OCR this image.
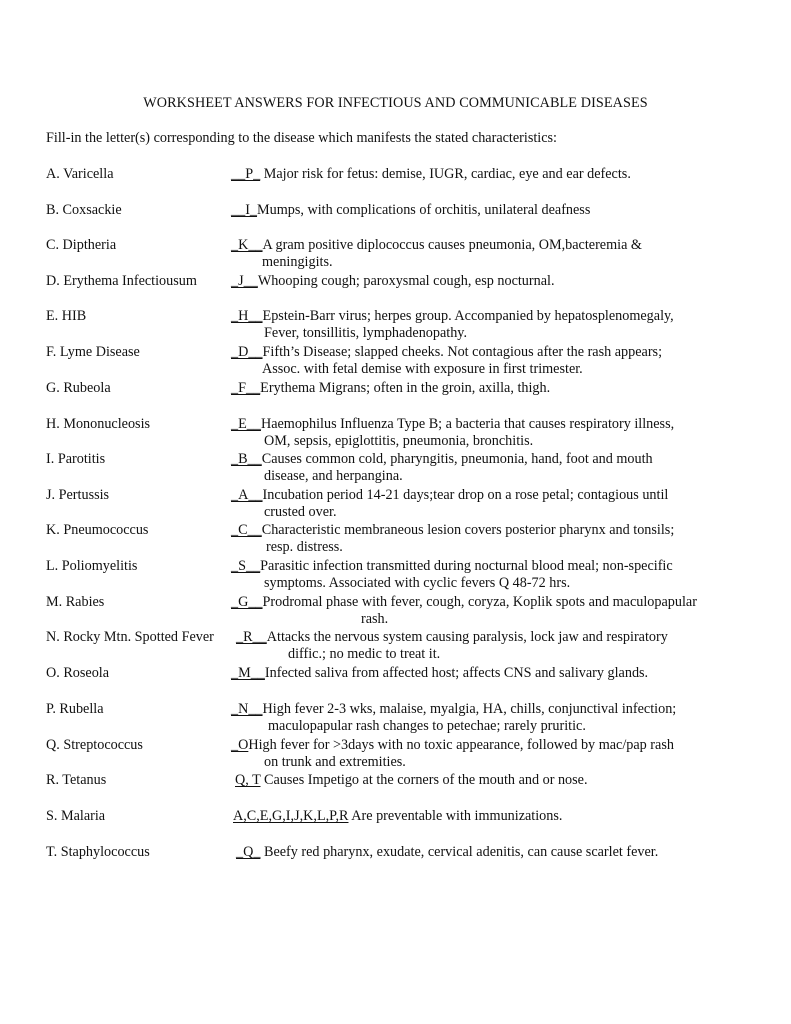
WORKSHEET ANSWERS FOR INFECTIOUS AND COMMUNICABLE DISEASES
Fill-in the letter(s) corresponding to the disease which manifests the stated characteristics:
A. Varicella	__P_ Major risk for fetus: demise, IUGR, cardiac, eye and ear defects.
B. Coxsackie	__I_Mumps, with complications of orchitis, unilateral deafness
C. Diptheria	_K__A gram positive diplococcus causes pneumonia, OM,bacteremia &
meningigits.
D. Erythema Infectiousum _J__Whooping cough; paroxysmal cough, esp nocturnal.
E. HIB	_H__Epstein-Barr virus; herpes group. Accompanied by hepatosplenomegaly,
Fever, tonsillitis, lymphadenopathy.
F. Lyme Disease	_D__Fifth’s Disease; slapped cheeks. Not contagious after the rash appears;
Assoc. with fetal demise with exposure in first trimester.
G. Rubeola	_F__Erythema Migrans; often in the groin, axilla, thigh.
H. Mononucleosis	_E__Haemophilus Influenza Type B; a bacteria that causes respiratory illness,
OM, sepsis, epiglottitis, pneumonia, bronchitis.
I. Parotitis	_B__Causes common cold, pharyngitis, pneumonia, hand, foot and mouth
disease, and herpangina.
J. Pertussis	_A__Incubation period 14-21 days;tear drop on a rose petal; contagious until
crusted over.
K. Pneumococcus	_C__Characteristic membraneous lesion covers posterior pharynx and tonsils;
resp. distress.
L. Poliomyelitis	_S__Parasitic infection transmitted during nocturnal blood meal; non-specific
symptoms. Associated with cyclic fevers Q 48-72 hrs.
M. Rabies	_G__Prodromal phase with fever, cough, coryza, Koplik spots and maculopapular
rash.
N. Rocky Mtn. Spotted Fever _R__Attacks the nervous system causing paralysis, lock jaw and respiratory
diffic.; no medic to treat it.
O. Roseola	_M__Infected saliva from affected host; affects CNS and salivary glands.
P. Rubella	_N__High fever 2-3 wks, malaise, myalgia, HA, chills, conjunctival infection;
maculopapular rash changes to petechae; rarely pruritic.
Q. Streptococcus	_OHigh fever for >3days with no toxic appearance, followed by mac/pap rash
on trunk and extremities.
R. Tetanus	Q, T Causes Impetigo at the corners of the mouth and or nose.
S. Malaria	A,C,E,G,I,J,K,L,P,R Are preventable with immunizations.
T. Staphylococcus	_Q_ Beefy red pharynx, exudate, cervical adenitis, can cause scarlet fever.
